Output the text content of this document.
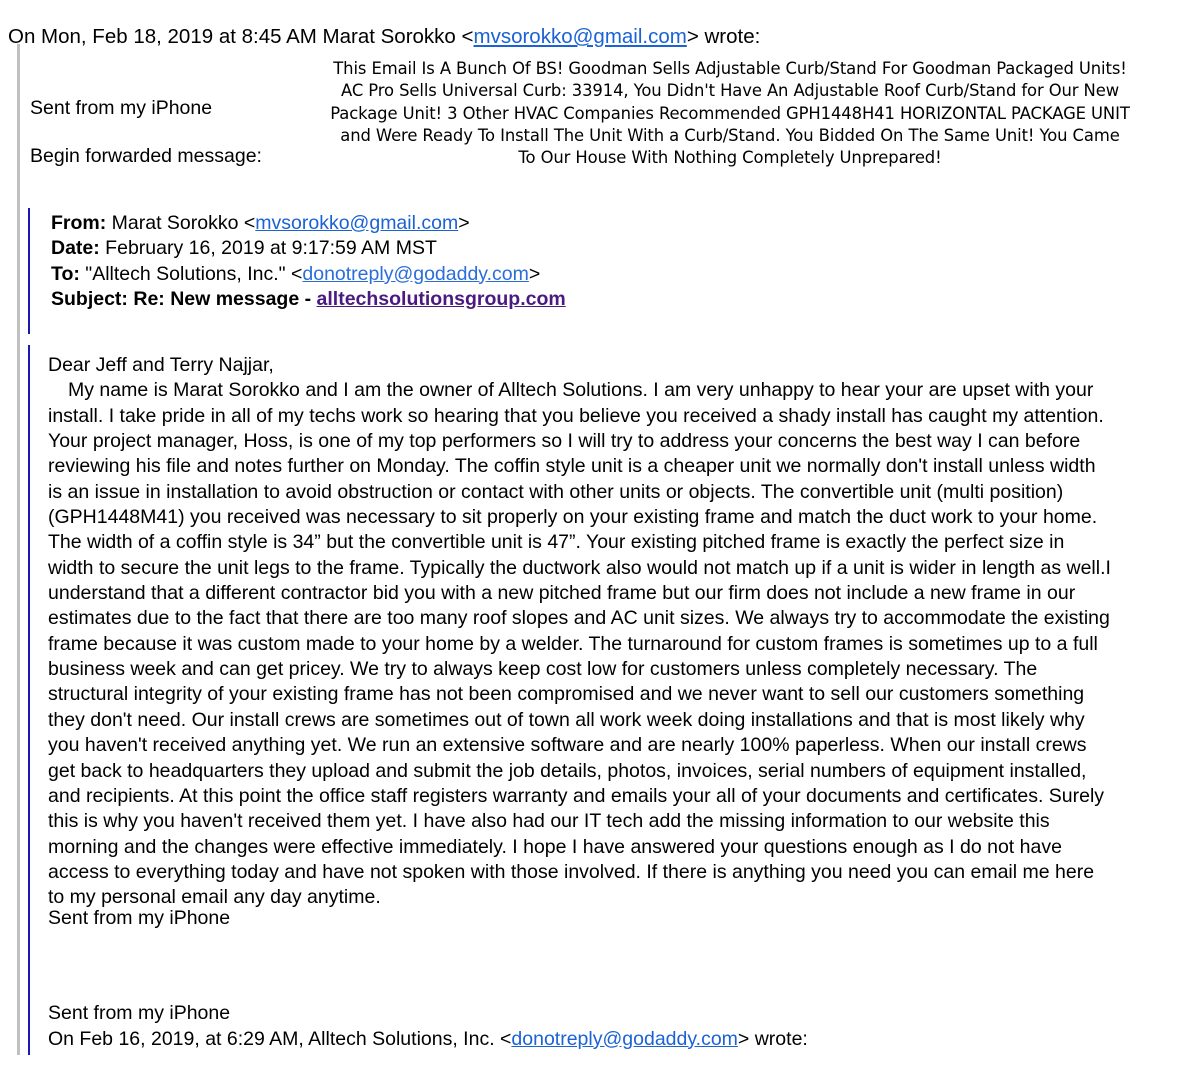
On Mon, Feb 18, 2019 at 8:45 AM Marat Sorokko <mvsorokko@gmail.com> wrote:
This Email Is A Bunch Of BS! Goodman Sells Adjustable Curb/Stand For Goodman Packaged Units!
AC Pro Sells Universal Curb: 33914, You Didn't Have An Adjustable Roof Curb/Stand for Our New
Package Unit! 3 Other HVAC Companies Recommended GPH1448H41 HORIZONTAL PACKAGE UNIT
and Were Ready To Install The Unit With a Curb/Stand. You Bidded On The Same Unit! You Came
To Our House With Nothing Completely Unprepared!
Sent from my iPhone
Begin forwarded message:
From: Marat Sorokko <mvsorokko@gmail.com>
Date: February 16, 2019 at 9:17:59 AM MST
To: "Alltech Solutions, Inc." <donotreply@godaddy.com>
Subject: Re: New message - alltechsolutionsgroup.com
Dear Jeff and Terry Najjar,
My name is Marat Sorokko and I am the owner of Alltech Solutions. I am very unhappy to hear your are upset with your
install. I take pride in all of my techs work so hearing that you believe you received a shady install has caught my attention.
Your project manager, Hoss, is one of my top performers so I will try to address your concerns the best way I can before
reviewing his file and notes further on Monday. The coffin style unit is a cheaper unit we normally don't install unless width
is an issue in installation to avoid obstruction or contact with other units or objects. The convertible unit (multi position)
(GPH1448M41) you received was necessary to sit properly on your existing frame and match the duct work to your home.
The width of a coffin style is 34” but the convertible unit is 47”. Your existing pitched frame is exactly the perfect size in
width to secure the unit legs to the frame. Typically the ductwork also would not match up if a unit is wider in length as well.I
understand that a different contractor bid you with a new pitched frame but our firm does not include a new frame in our
estimates due to the fact that there are too many roof slopes and AC unit sizes. We always try to accommodate the existing
frame because it was custom made to your home by a welder. The turnaround for custom frames is sometimes up to a full
business week and can get pricey. We try to always keep cost low for customers unless completely necessary. The
structural integrity of your existing frame has not been compromised and we never want to sell our customers something
they don't need. Our install crews are sometimes out of town all work week doing installations and that is most likely why
you haven't received anything yet. We run an extensive software and are nearly 100% paperless. When our install crews
get back to headquarters they upload and submit the job details, photos, invoices, serial numbers of equipment installed,
and recipients. At this point the office staff registers warranty and emails your all of your documents and certificates. Surely
this is why you haven't received them yet. I have also had our IT tech add the missing information to our website this
morning and the changes were effective immediately. I hope I have answered your questions enough as I do not have
access to everything today and have not spoken with those involved. If there is anything you need you can email me here
to my personal email any day anytime.
Sent from my iPhone
Sent from my iPhone
On Feb 16, 2019, at 6:29 AM, Alltech Solutions, Inc. <donotreply@godaddy.com> wrote:
